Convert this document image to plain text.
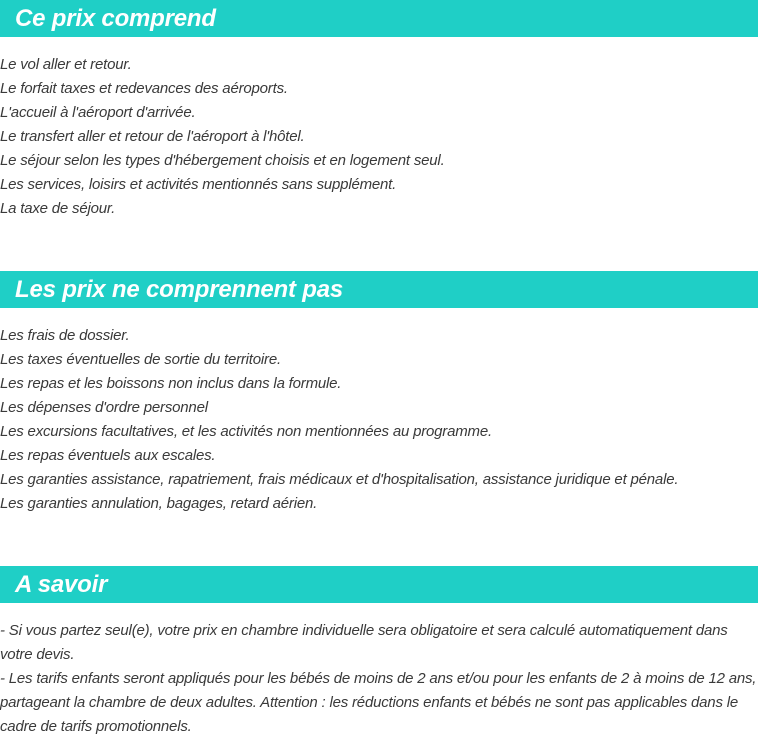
Ce prix comprend
Le vol aller et retour.
Le forfait taxes et redevances des aéroports.
L'accueil à l'aéroport d'arrivée.
Le transfert aller et retour de l'aéroport à l'hôtel.
Le séjour selon les types d'hébergement choisis et en logement seul.
Les services, loisirs et activités mentionnés sans supplément.
La taxe de séjour.
Les prix ne comprennent pas
Les frais de dossier.
Les taxes éventuelles de sortie du territoire.
Les repas et les boissons non inclus dans la formule.
Les dépenses d'ordre personnel
Les excursions facultatives, et les activités non mentionnées au programme.
Les repas éventuels aux escales.
Les garanties assistance, rapatriement, frais médicaux et d'hospitalisation, assistance juridique et pénale.
Les garanties annulation, bagages, retard aérien.
A savoir
- Si vous partez seul(e), votre prix en chambre individuelle sera obligatoire et sera calculé automatiquement dans votre devis.
- Les tarifs enfants seront appliqués pour les bébés de moins de 2 ans et/ou pour les enfants de 2 à moins de 12 ans, partageant la chambre de deux adultes. Attention : les réductions enfants et bébés ne sont pas applicables dans le cadre de tarifs promotionnels.
